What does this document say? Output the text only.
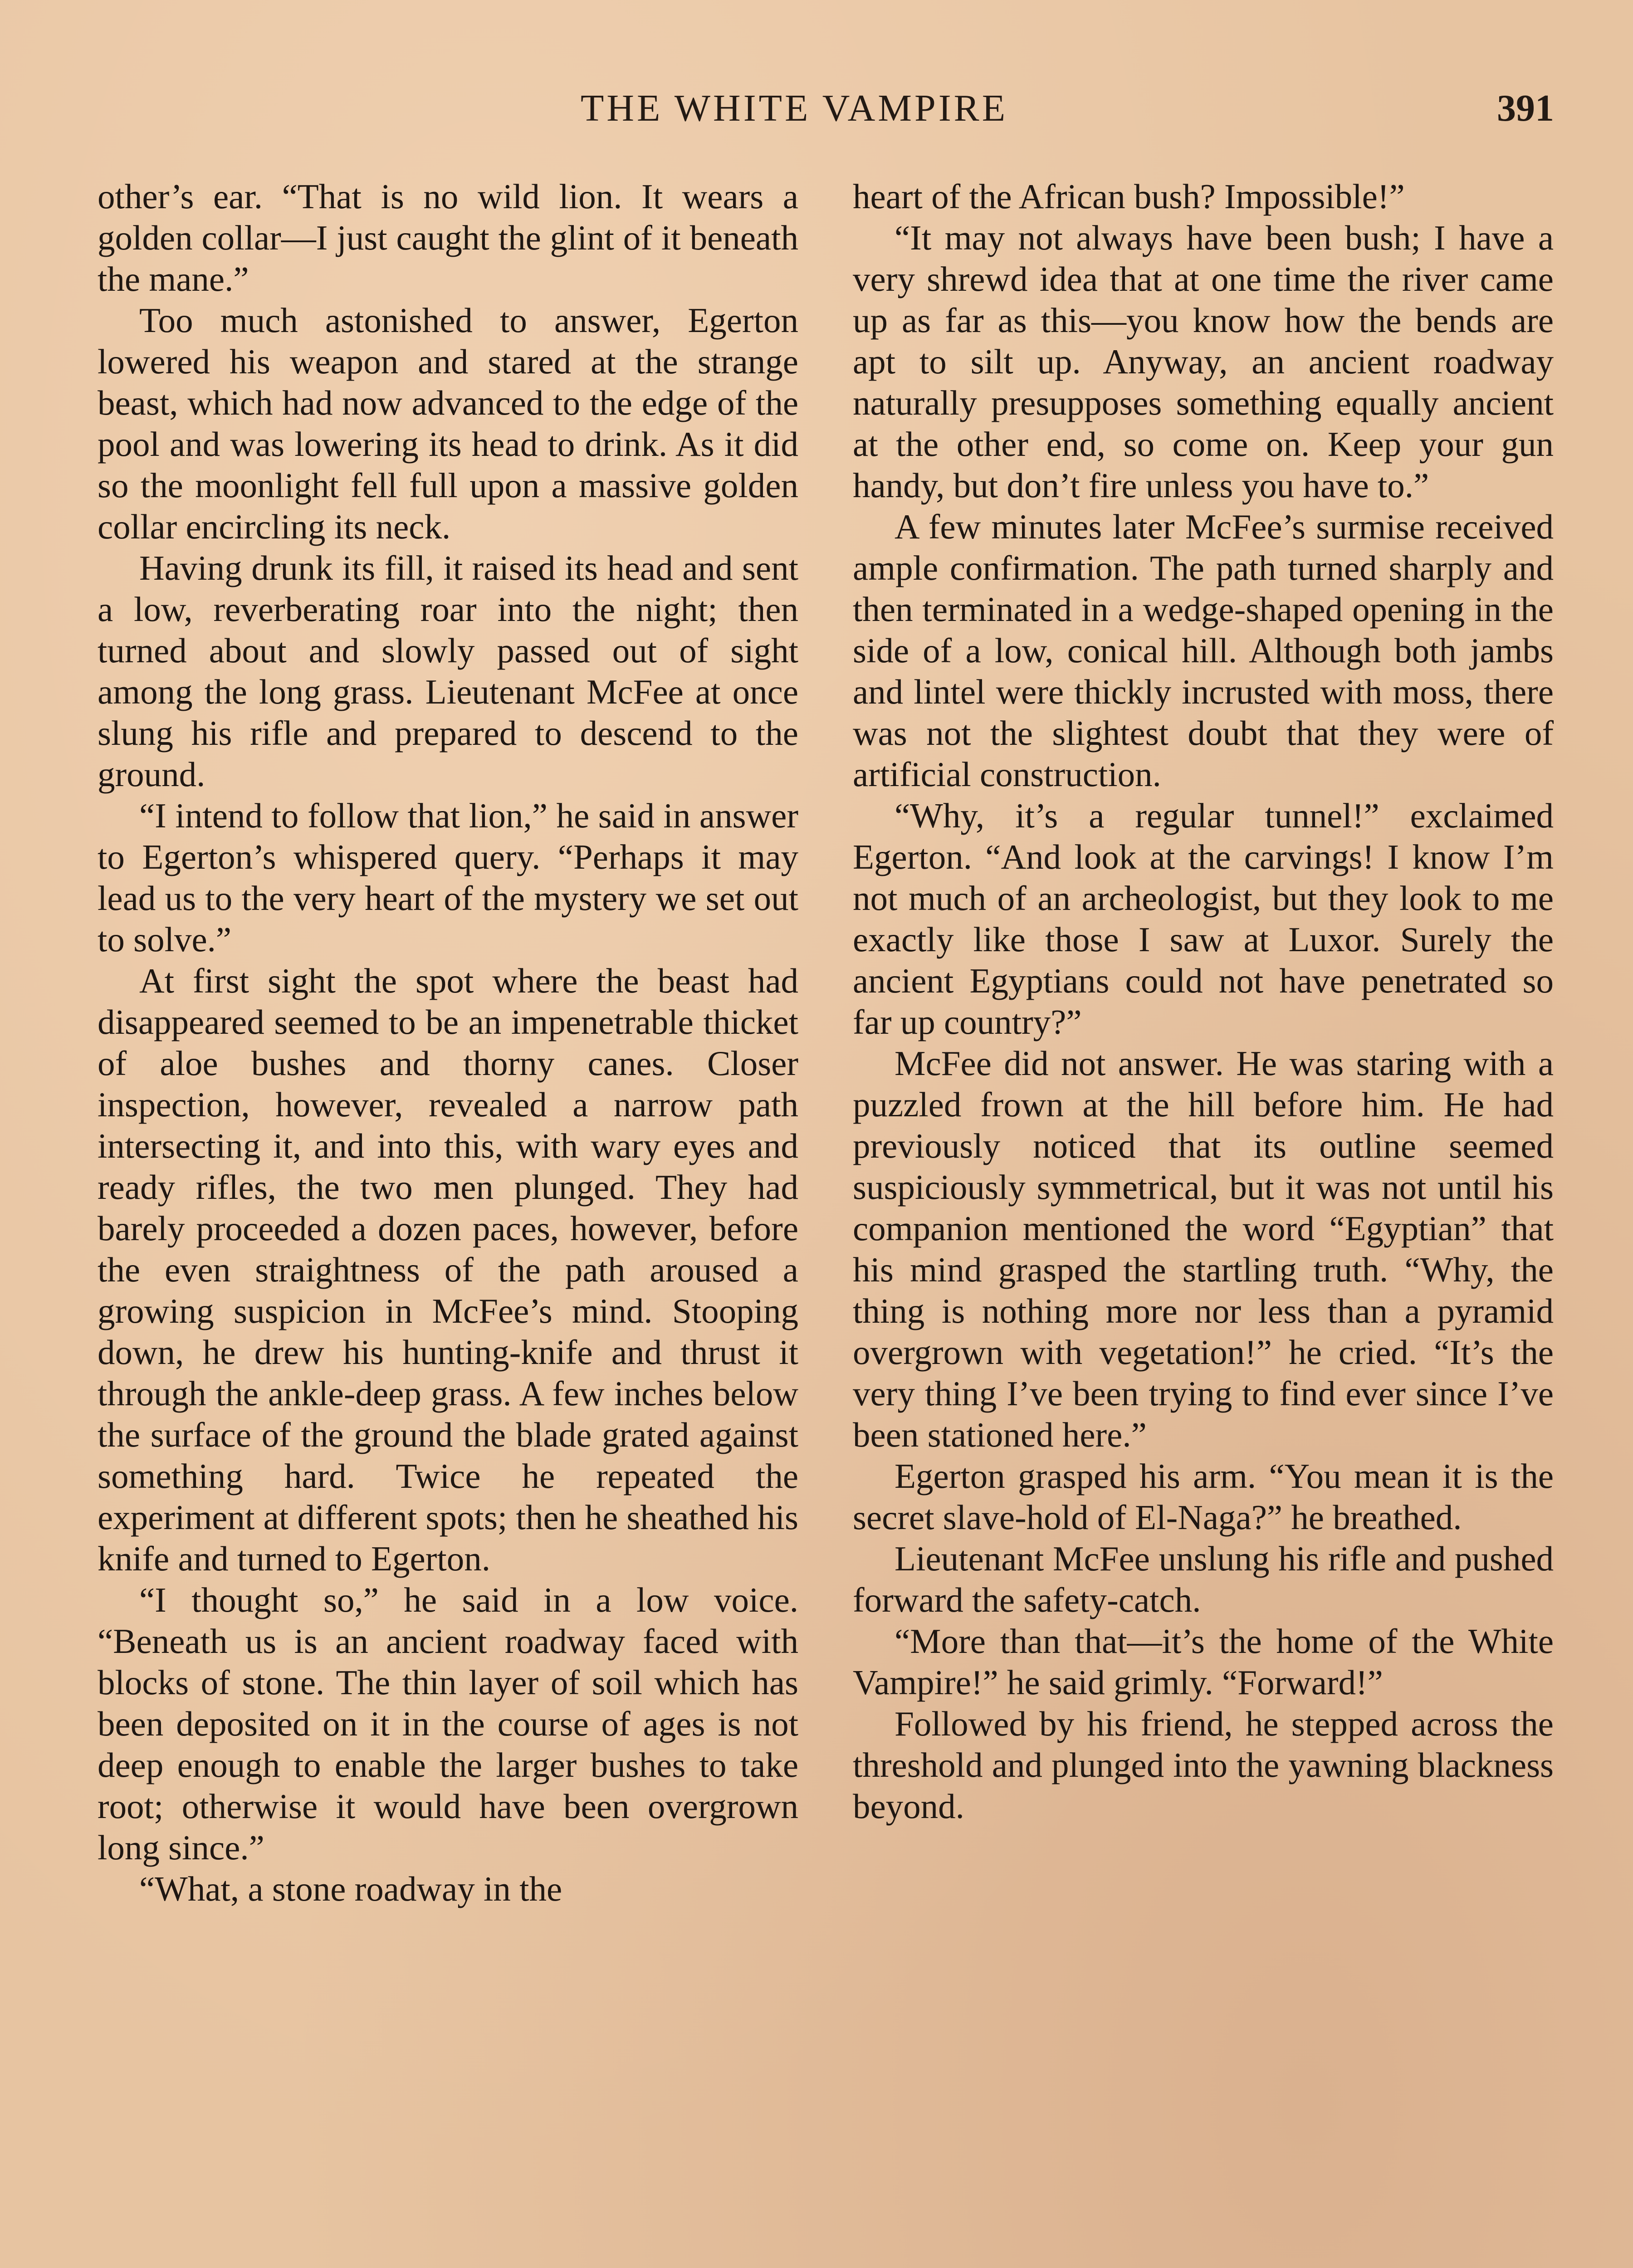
THE WHITE VAMPIRE	391

other’s ear. “That is no wild lion. It wears a golden collar—I just caught the glint of it beneath the mane.”

Too much astonished to answer, Egerton lowered his weapon and stared at the strange beast, which had now advanced to the edge of the pool and was lowering its head to drink. As it did so the moonlight fell full upon a massive golden collar encircling its neck.

Having drunk its fill, it raised its head and sent a low, reverberating roar into the night; then turned about and slowly passed out of sight among the long grass. Lieutenant McFee at once slung his rifle and prepared to descend to the ground.

“I intend to follow that lion,” he said in answer to Egerton’s whispered query. “Perhaps it may lead us to the very heart of the mystery we set out to solve.”

At first sight the spot where the beast had disappeared seemed to be an impenetrable thicket of aloe bushes and thorny canes. Closer inspection, however, revealed a narrow path intersecting it, and into this, with wary eyes and ready rifles, the two men plunged. They had barely proceeded a dozen paces, however, before the even straightness of the path aroused a growing suspicion in McFee’s mind. Stooping down, he drew his hunting-knife and thrust it through the ankle-deep grass. A few inches below the surface of the ground the blade grated against something hard. Twice he repeated the experiment at different spots; then he sheathed his knife and turned to Egerton.

“I thought so,” he said in a low voice. “Beneath us is an ancient roadway faced with blocks of stone. The thin layer of soil which has been deposited on it in the course of ages is not deep enough to enable the larger bushes to take root; otherwise it would have been overgrown long since.”

“What, a stone roadway in the

heart of the African bush? Impossible!”

“It may not always have been bush; I have a very shrewd idea that at one time the river came up as far as this—you know how the bends are apt to silt up. Anyway, an ancient roadway naturally presupposes something equally ancient at the other end, so come on. Keep your gun handy, but don’t fire unless you have to.”

A few minutes later McFee’s surmise received ample confirmation. The path turned sharply and then terminated in a wedge-shaped opening in the side of a low, conical hill. Although both jambs and lintel were thickly incrusted with moss, there was not the slightest doubt that they were of artificial construction.

“Why, it’s a regular tunnel!” exclaimed Egerton. “And look at the carvings! I know I’m not much of an archeologist, but they look to me exactly like those I saw at Luxor. Surely the ancient Egyptians could not have penetrated so far up country?”

McFee did not answer. He was staring with a puzzled frown at the hill before him. He had previously noticed that its outline seemed suspiciously symmetrical, but it was not until his companion mentioned the word “Egyptian” that his mind grasped the startling truth. “Why, the thing is nothing more nor less than a pyramid overgrown with vegetation!” he cried. “It’s the very thing I’ve been trying to find ever since I’ve been stationed here.”

Egerton grasped his arm. “You mean it is the secret slave-hold of El-Naga?” he breathed.

Lieutenant McFee unslung his rifle and pushed forward the safety-catch.

“More than that—it’s the home of the White Vampire!” he said grimly. “Forward!”

Followed by his friend, he stepped across the threshold and plunged into the yawning blackness beyond.
